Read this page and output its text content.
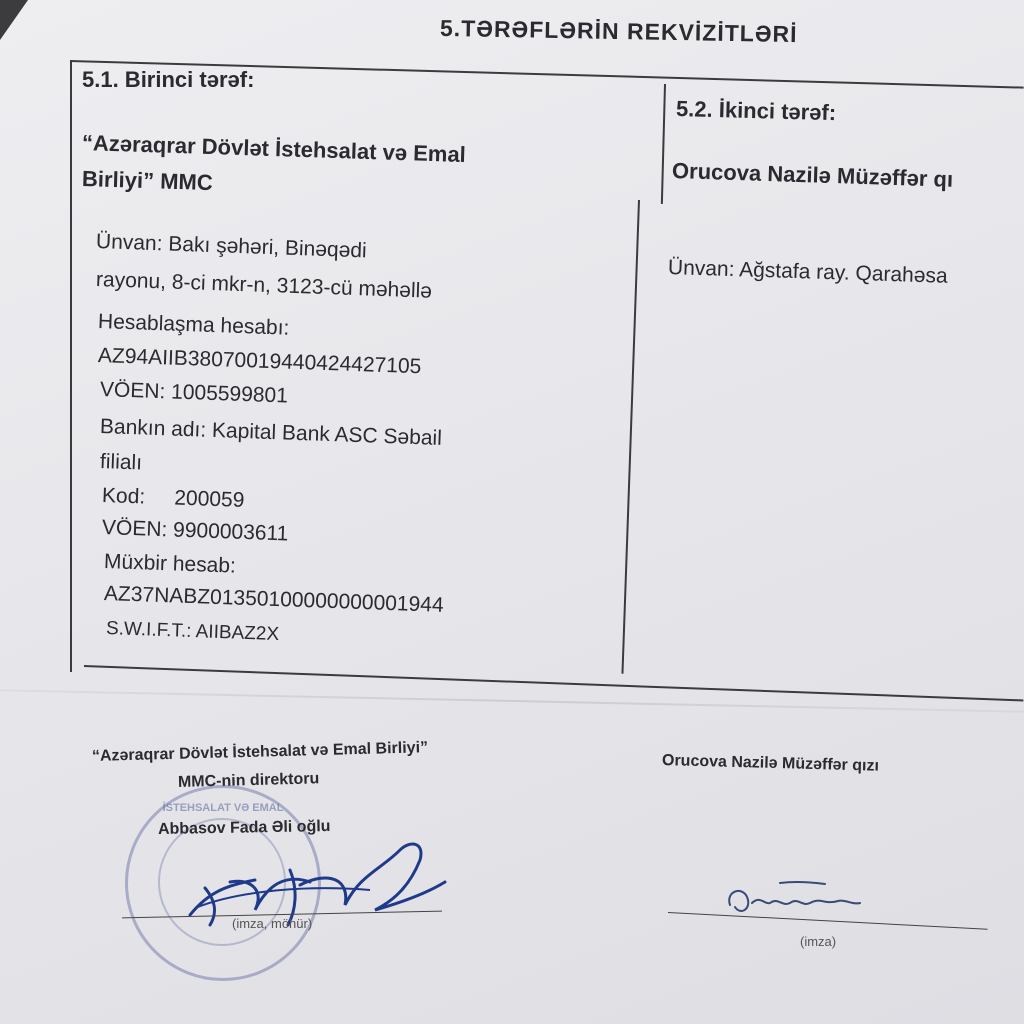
5.TƏRƏFLƏRİN REKVİZİTLƏRİ
5.1. Birinci tərəf:
“Azəraqrar Dövlət İstehsalat və Emal
Birliyi” MMC
Ünvan: Bakı şəhəri, Binəqədi
rayonu, 8-ci mkr-n, 3123-cü məhəllə
Hesablaşma hesabı:
AZ94AIIB38070019440424427105
VÖEN: 1005599801
Bankın adı: Kapital Bank ASC Səbail
filialı
Kod:     200059
VÖEN: 9900003611
Müxbir hesab:
AZ37NABZ01350100000000001944
S.W.I.F.T.: AIIBAZ2X
5.2. İkinci tərəf:
Orucova Nazilə Müzəffər qı
Ünvan: Ağstafa ray. Qarahəsa
İSTEHSALAT VƏ EMAL
“Azəraqrar Dövlət İstehsalat və Emal Birliyi”
MMC-nin direktoru
Abbasov Fada Əli oğlu
(imza, möhür)
Orucova Nazilə Müzəffər qızı
(imza)
